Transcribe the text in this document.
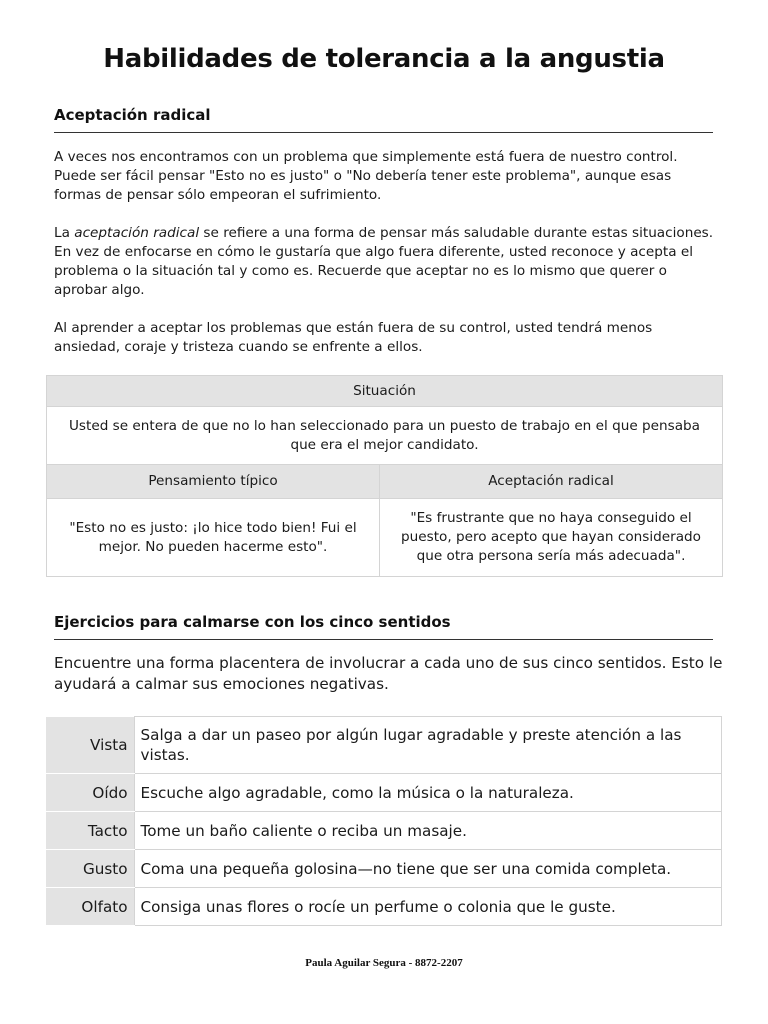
Habilidades de tolerancia a la angustia
Aceptación radical

A veces nos encontramos con un problema que simplemente está fuera de nuestro control. Puede ser fácil pensar "Esto no es justo" o "No debería tener este problema", aunque esas formas de pensar sólo empeoran el sufrimiento.

La aceptación radical se refiere a una forma de pensar más saludable durante estas situaciones. En vez de enfocarse en cómo le gustaría que algo fuera diferente, usted reconoce y acepta el problema o la situación tal y como es. Recuerde que aceptar no es lo mismo que querer o aprobar algo.

Al aprender a aceptar los problemas que están fuera de su control, usted tendrá menos ansiedad, coraje y tristeza cuando se enfrente a ellos.

Situación	
Usted se entera de que no lo han seleccionado para un puesto de trabajo en el que pensaba que era el mejor candidato.	
Pensamiento típico	Aceptación radical
"Esto no es justo: ¡lo hice todo bien! Fui el mejor. No pueden hacerme esto".	"Es frustrante que no haya conseguido el puesto, pero acepto que hayan considerado que otra persona sería más adecuada".
Ejercicios para calmarse con los cinco sentidos

Encuentre una forma placentera de involucrar a cada uno de sus cinco sentidos. Esto le ayudará a calmar sus emociones negativas.

Vista	Salga a dar un paseo por algún lugar agradable y preste atención a las vistas.
Oído	Escuche algo agradable, como la música o la naturaleza.
Tacto	Tome un baño caliente o reciba un masaje.
Gusto	Coma una pequeña golosina—no tiene que ser una comida completa.
Olfato	Consiga unas flores o rocíe un perfume o colonia que le guste.
Paula Aguilar Segura - 8872-2207
